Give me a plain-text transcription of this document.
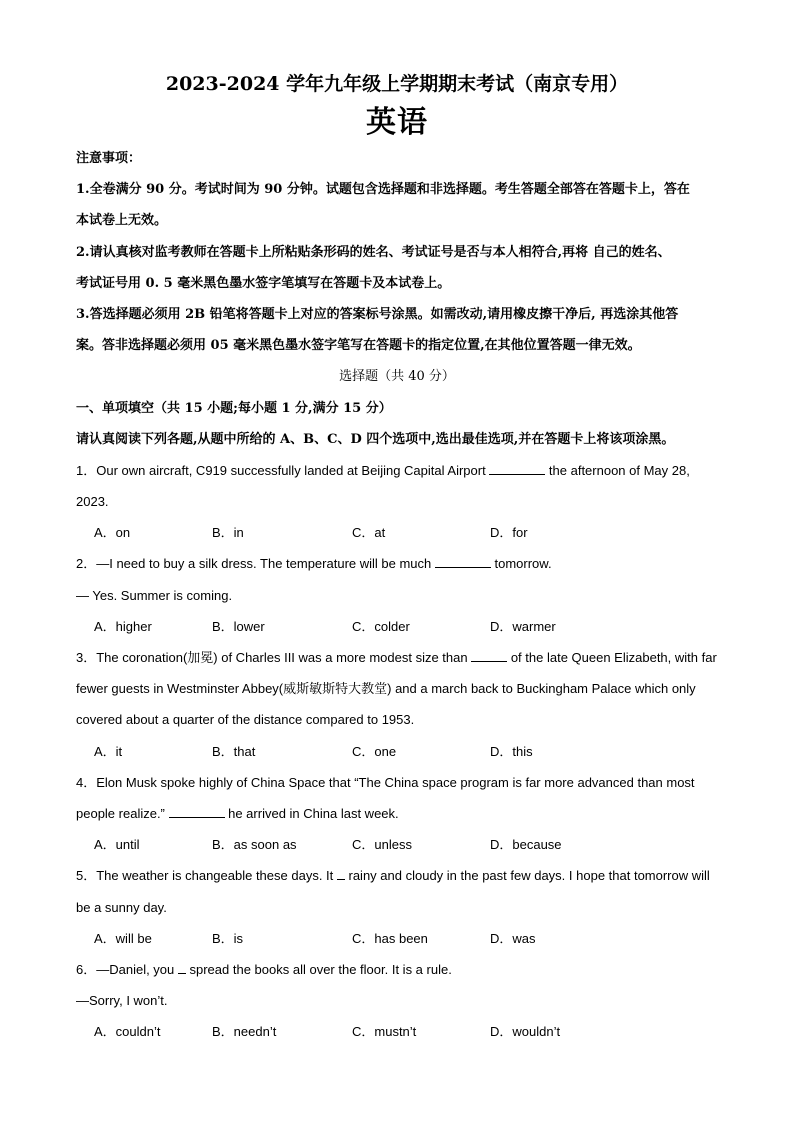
2023-2024 学年九年级上学期期末考试（南京专用）
英语
注意事项：
1.全卷满分 90 分。考试时间为 90 分钟。试题包含选择题和非选择题。考生答题全部答在答题卡上，答在
本试卷上无效。
2.请认真核对监考教师在答题卡上所粘贴条形码的姓名、考试证号是否与本人相符合,再将 自己的姓名、
考试证号用 0. 5 毫米黑色墨水签字笔填写在答题卡及本试卷上。
3.答选择题必须用 2B 铅笔将答题卡上对应的答案标号涂黑。如需改动,请用橡皮擦干净后, 再选涂其他答
案。答非选择题必须用 05 毫米黑色墨水签字笔写在答题卡的指定位置,在其他位置答题一律无效。
选择题（共 40 分）
一、单项填空（共 15 小题;每小题 1 分,满分 15 分）
请认真阅读下列各题,从题中所给的 A、B、C、D 四个选项中,选出最佳选项,并在答题卡上将该项涂黑。
1．Our own aircraft, C919 successfully landed at Beijing Capital Airport	the afternoon of May 28,
2023.
A．on	B．in	C．at	D．for
2．—I need to buy a silk dress. The temperature will be much	tomorrow.
— Yes. Summer is coming.
A．higher	B．lower	C．colder	D．warmer
3．The coronation(加冕) of Charles III was a more modest size than	of the late Queen Elizabeth, with far
fewer guests in Westminster Abbey(威斯敏斯特大教堂) and a march back to Buckingham Palace which only
covered about a quarter of the distance compared to 1953.
A．it	B．that	C．one	D．this
4．Elon Musk spoke highly of China Space that “The China space program is far more advanced than most
people realize.”	he arrived in China last week.
A．until	B．as soon as	C．unless	D．because
5．The weather is changeable these days. It  rainy and cloudy in the past few days. I hope that tomorrow will
be a sunny day.
A．will be	B．is	C．has been	D．was
6．—Daniel, you  spread the books all over the floor. It is a rule.
—Sorry, I won’t.
A．couldn’t	B．needn’t	C．mustn’t	D．wouldn’t
